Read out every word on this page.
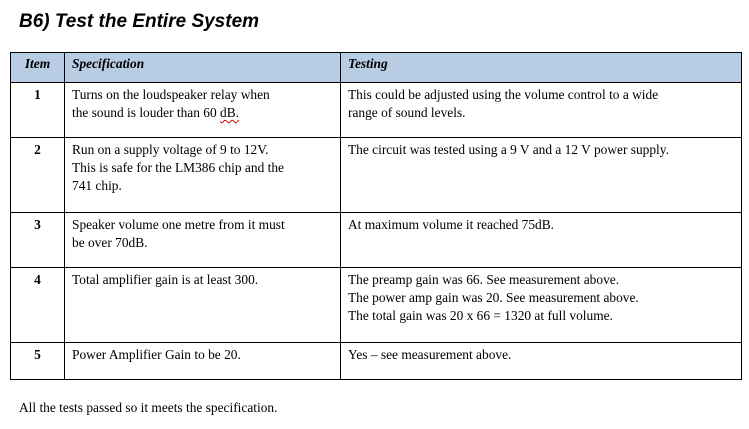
B6) Test the Entire System
Item	Specification	Testing
1	Turns on the loudspeaker relay when
the sound is louder than 60 dB.	This could be adjusted using the volume control to a wide
range of sound levels.

2	Run on a supply voltage of 9 to 12V.
This is safe for the LM386 chip and the
741 chip.	The circuit was tested using a 9 V and a 12 V power supply.

3	Speaker volume one metre from it must
be over 70dB.	At maximum volume it reached 75dB.

4	Total amplifier gain is at least 300.	The preamp gain was 66. See measurement above.
The power amp gain was 20. See measurement above.
The total gain was 20 x 66 = 1320 at full volume.

5	Power Amplifier Gain to be 20.	Yes – see measurement above.
All the tests passed so it meets the specification.
